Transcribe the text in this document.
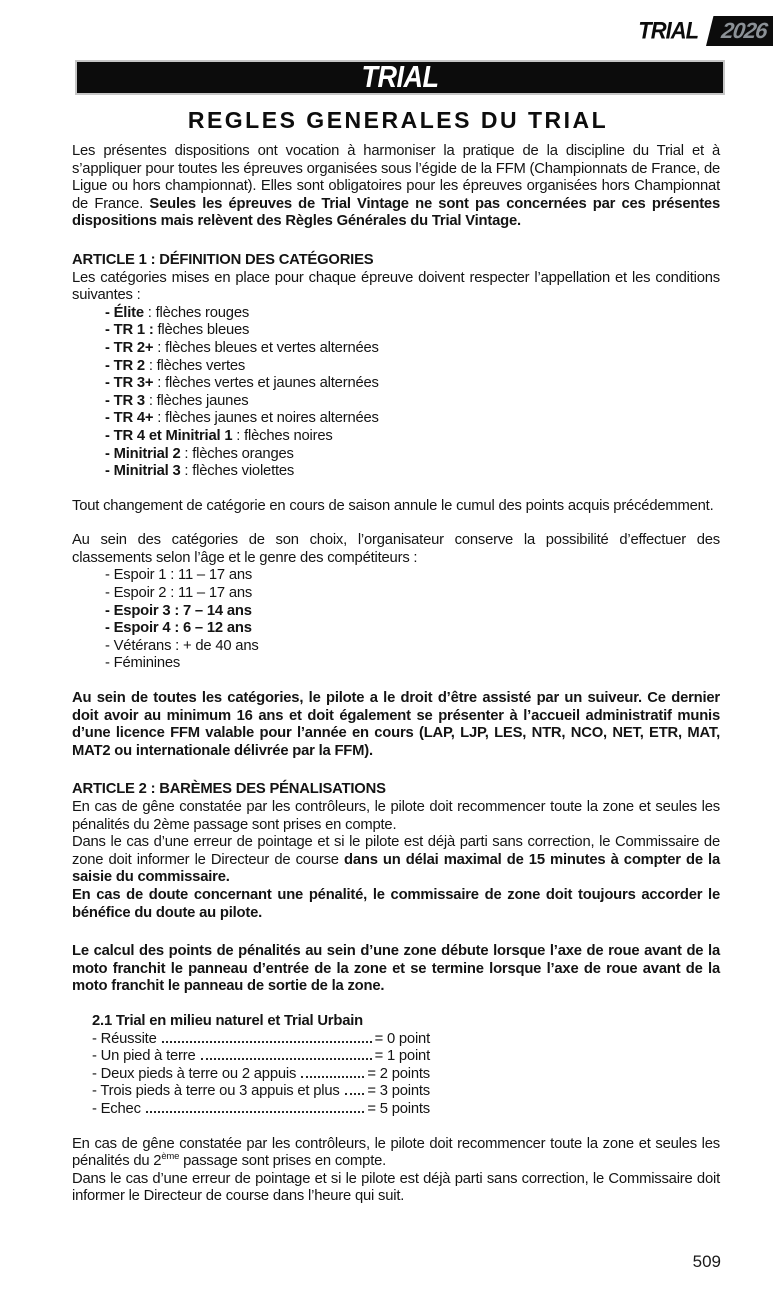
TRIAL	2026
TRIAL
REGLES GENERALES DU TRIAL

Les présentes dispositions ont vocation à harmoniser la pratique de la discipline du Trial et à s’appliquer pour toutes les épreuves organisées sous l’égide de la FFM (Championnats de France, de Ligue ou hors championnat). Elles sont obligatoires pour les épreuves organisées hors Championnat de France. Seules les épreuves de Trial Vintage ne sont pas concernées par ces présentes dispositions mais relèvent des Règles Générales du Trial Vintage.

ARTICLE 1 : DÉFINITION DES CATÉGORIES

Les catégories mises en place pour chaque épreuve doivent respecter l’appellation et les conditions suivantes :

- Élite : flèches rouges
- TR 1 : flèches bleues
- TR 2+ : flèches bleues et vertes alternées
- TR 2 : flèches vertes
- TR 3+ : flèches vertes et jaunes alternées
- TR 3 : flèches jaunes
- TR 4+ : flèches jaunes et noires alternées
- TR 4 et Minitrial 1 : flèches noires
- Minitrial 2 : flèches oranges
- Minitrial 3 : flèches violettes

Tout changement de catégorie en cours de saison annule le cumul des points acquis précédemment.

Au sein des catégories de son choix, l’organisateur conserve la possibilité d’effectuer des classements selon l’âge et le genre des compétiteurs :

- Espoir 1 : 11 – 17 ans
- Espoir 2 : 11 – 17 ans
- Espoir 3 : 7 – 14 ans
- Espoir 4 : 6 – 12 ans
- Vétérans : + de 40 ans
- Féminines

Au sein de toutes les catégories, le pilote a le droit d’être assisté par un suiveur. Ce dernier doit avoir au minimum 16 ans et doit également se présenter à l’accueil administratif munis d’une licence FFM valable pour l’année en cours (LAP, LJP, LES, NTR, NCO, NET, ETR, MAT, MAT2 ou internationale délivrée par la FFM).

ARTICLE 2 : BARÈMES DES PÉNALISATIONS

En cas de gêne constatée par les contrôleurs, le pilote doit recommencer toute la zone et seules les pénalités du 2ème passage sont prises en compte.

Dans le cas d’une erreur de pointage et si le pilote est déjà parti sans correction, le Commissaire de zone doit informer le Directeur de course dans un délai maximal de 15 minutes à compter de la saisie du commissaire.

En cas de doute concernant une pénalité, le commissaire de zone doit toujours accorder le bénéfice du doute au pilote.

Le calcul des points de pénalités au sein d’une zone débute lorsque l’axe de roue avant de la moto franchit le panneau d’entrée de la zone et se termine lorsque l’axe de roue avant de la moto franchit le panneau de sortie de la zone.

2.1 Trial en milieu naturel et Trial Urbain

- Réussite	= 0 point
- Un pied à terre	= 1 point
- Deux pieds à terre ou 2 appuis	= 2 points
- Trois pieds à terre ou 3 appuis et plus = 3 points
- Echec	= 5 points

En cas de gêne constatée par les contrôleurs, le pilote doit recommencer toute la zone et seules les pénalités du 2ème passage sont prises en compte.

Dans le cas d’une erreur de pointage et si le pilote est déjà parti sans correction, le Commissaire doit informer le Directeur de course dans l’heure qui suit.

509
